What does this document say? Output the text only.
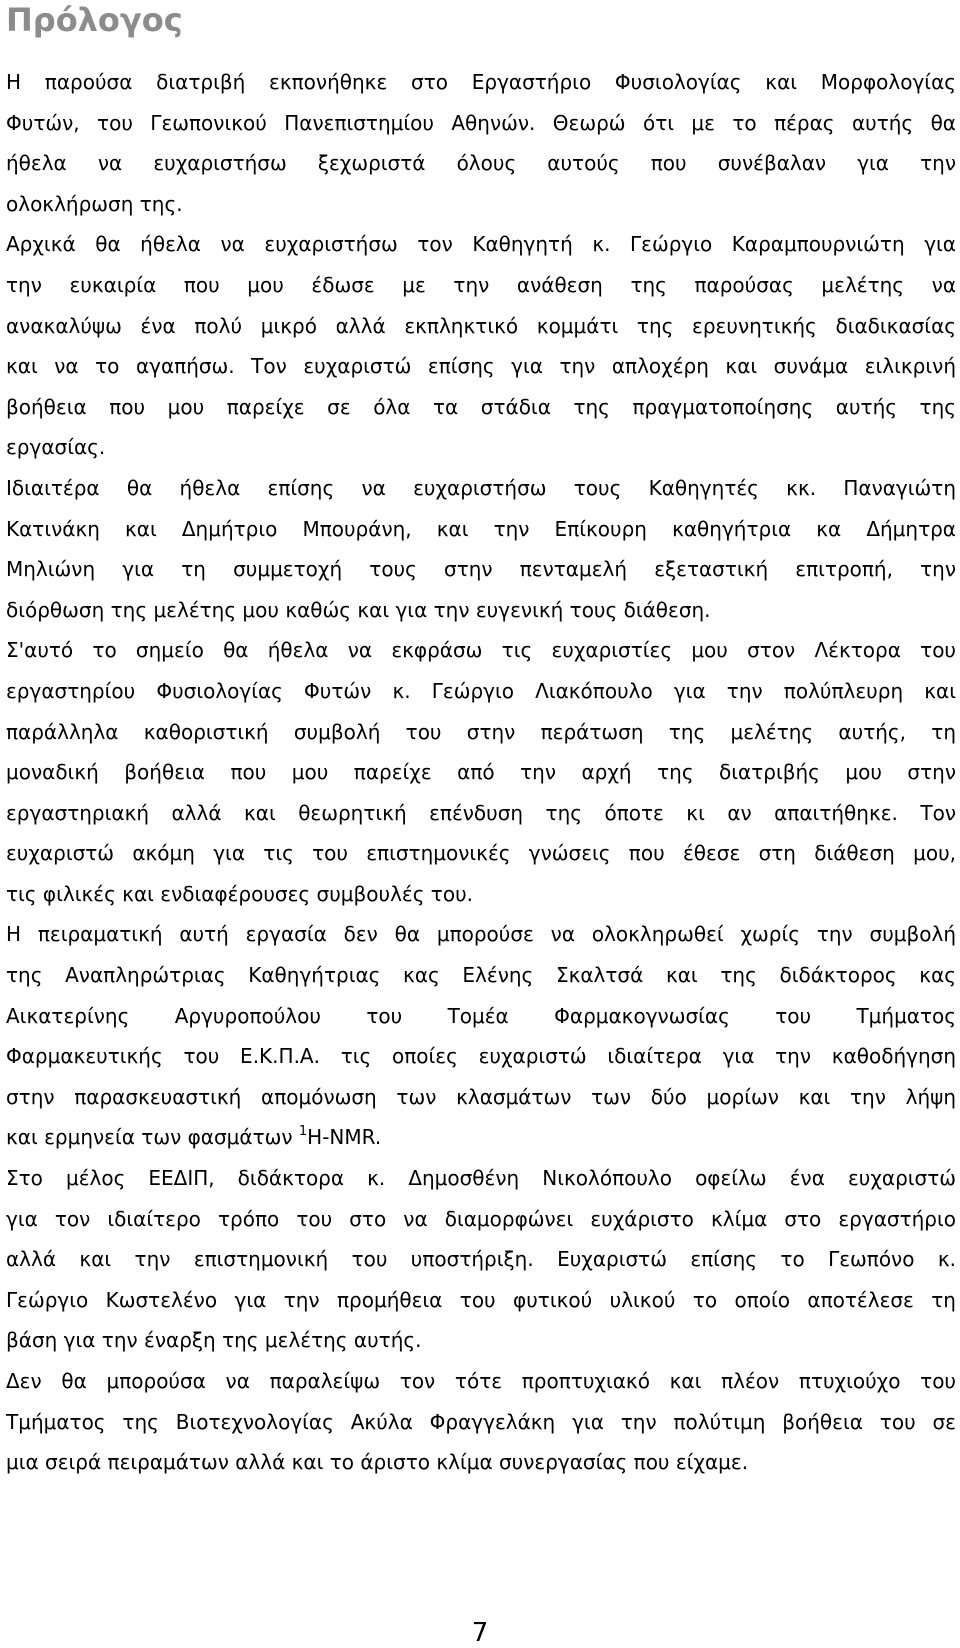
Πρόλογος

Η παρούσα διατριβή εκπονήθηκε στο Εργαστήριο Φυσιολογίας και Μορφολογίας
Φυτών, του Γεωπονικού Πανεπιστημίου Αθηνών. Θεωρώ ότι με το πέρας αυτής θα
ήθελα να ευχαριστήσω ξεχωριστά όλους αυτούς που συνέβαλαν για την
ολοκλήρωση της.

Αρχικά θα ήθελα να ευχαριστήσω τον Καθηγητή κ. Γεώργιο Καραμπουρνιώτη για
την ευκαιρία που μου έδωσε με την ανάθεση της παρούσας μελέτης να
ανακαλύψω ένα πολύ μικρό αλλά εκπληκτικό κομμάτι της ερευνητικής διαδικασίας
και να το αγαπήσω. Τον ευχαριστώ επίσης για την απλοχέρη και συνάμα ειλικρινή
βοήθεια που μου παρείχε σε όλα τα στάδια της πραγματοποίησης αυτής της
εργασίας.

Ιδιαιτέρα θα ήθελα επίσης να ευχαριστήσω τους Καθηγητές κκ. Παναγιώτη
Κατινάκη και Δημήτριο Μπουράνη, και την Επίκουρη καθηγήτρια κα Δήμητρα
Μηλιώνη για τη συμμετοχή τους στην πενταμελή εξεταστική επιτροπή, την
διόρθωση της μελέτης μου καθώς και για την ευγενική τους διάθεση.

Σ'αυτό το σημείο θα ήθελα να εκφράσω τις ευχαριστίες μου στον Λέκτορα του
εργαστηρίου Φυσιολογίας Φυτών κ. Γεώργιο Λιακόπουλο για την πολύπλευρη και
παράλληλα καθοριστική συμβολή του στην περάτωση της μελέτης αυτής, τη
μοναδική βοήθεια που μου παρείχε από την αρχή της διατριβής μου στην
εργαστηριακή αλλά και θεωρητική επένδυση της όποτε κι αν απαιτήθηκε. Τον
ευχαριστώ ακόμη για τις του επιστημονικές γνώσεις που έθεσε στη διάθεση μου,
τις φιλικές και ενδιαφέρουσες συμβουλές του.

Η πειραματική αυτή εργασία δεν θα μπορούσε να ολοκληρωθεί χωρίς την συμβολή
της Αναπληρώτριας Καθηγήτριας κας Ελένης Σκαλτσά και της διδάκτορος κας
Αικατερίνης Αργυροπούλου του Τομέα Φαρμακογνωσίας του Τμήματος
Φαρμακευτικής του Ε.Κ.Π.Α. τις οποίες ευχαριστώ ιδιαίτερα για την καθοδήγηση
στην παρασκευαστική απομόνωση των κλασμάτων των δύο μορίων και την λήψη
και ερμηνεία των φασμάτων $^1$H-NMR.

Στο μέλος ΕΕΔΙΠ, διδάκτορα κ. Δημοσθένη Νικολόπουλο οφείλω ένα ευχαριστώ
για τον ιδιαίτερο τρόπο του στο να διαμορφώνει ευχάριστο κλίμα στο εργαστήριο
αλλά και την επιστημονική του υποστήριξη. Ευχαριστώ επίσης το Γεωπόνο κ.
Γεώργιο Κωστελένο για την προμήθεια του φυτικού υλικού το οποίο αποτέλεσε τη
βάση για την έναρξη της μελέτης αυτής.

Δεν θα μπορούσα να παραλείψω τον τότε προπτυχιακό και πλέον πτυχιούχο του
Τμήματος της Βιοτεχνολογίας Ακύλα Φραγγελάκη για την πολύτιμη βοήθεια του σε
μια σειρά πειραμάτων αλλά και το άριστο κλίμα συνεργασίας που είχαμε.

7
